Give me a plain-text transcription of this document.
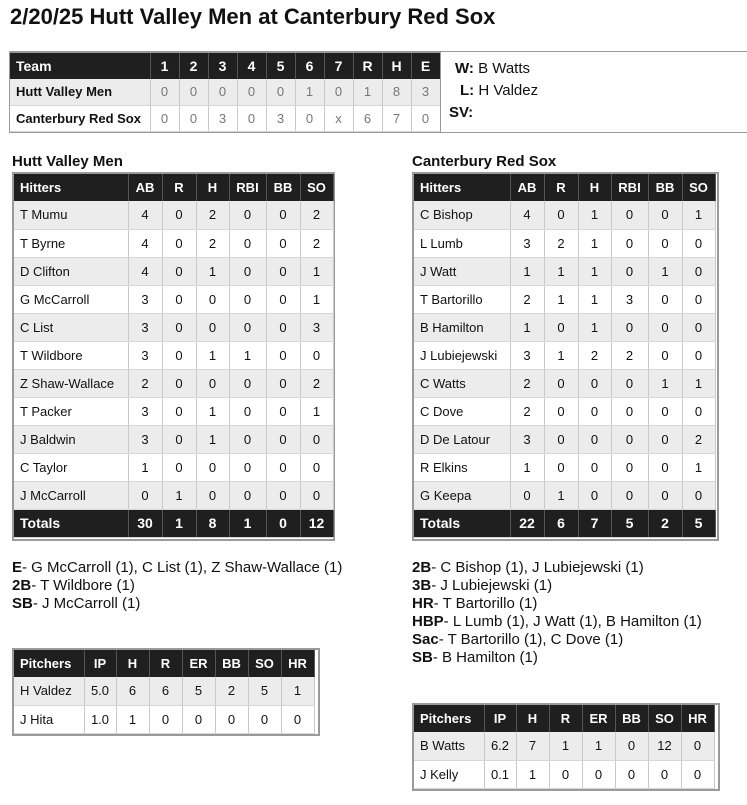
2/20/25 Hutt Valley Men at Canterbury Red Sox
Team	1	2	3	4	5	6	7	R	H	E
Hutt Valley Men	0	0	0	0	0	1	0	1	8	3
Canterbury Red Sox	0	0	3	0	3	0	x	6	7	0
W: B Watts
L: H Valdez
SV:
Hutt Valley Men
Hitters	AB	R	H	RBI	BB	SO
T Mumu	4	0	2	0	0	2
T Byrne	4	0	2	0	0	2
D Clifton	4	0	1	0	0	1
G McCarroll	3	0	0	0	0	1
C List	3	0	0	0	0	3
T Wildbore	3	0	1	1	0	0
Z Shaw-Wallace	2	0	0	0	0	2
T Packer	3	0	1	0	0	1
J Baldwin	3	0	1	0	0	0
C Taylor	1	0	0	0	0	0
J McCarroll	0	1	0	0	0	0
Totals	30	1	8	1	0	12
E- G McCarroll (1), C List (1), Z Shaw-Wallace (1)
2B- T Wildbore (1)
SB- J McCarroll (1)
Pitchers	IP	H	R	ER	BB	SO	HR
H Valdez	5.0	6	6	5	2	5	1
J Hita	1.0	1	0	0	0	0	0
Canterbury Red Sox
Hitters	AB	R	H	RBI	BB	SO
C Bishop	4	0	1	0	0	1
L Lumb	3	2	1	0	0	0
J Watt	1	1	1	0	1	0
T Bartorillo	2	1	1	3	0	0
B Hamilton	1	0	1	0	0	0
J Lubiejewski	3	1	2	2	0	0
C Watts	2	0	0	0	1	1
C Dove	2	0	0	0	0	0
D De Latour	3	0	0	0	0	2
R Elkins	1	0	0	0	0	1
G Keepa	0	1	0	0	0	0
Totals	22	6	7	5	2	5
2B- C Bishop (1), J Lubiejewski (1)
3B- J Lubiejewski (1)
HR- T Bartorillo (1)
HBP- L Lumb (1), J Watt (1), B Hamilton (1)
Sac- T Bartorillo (1), C Dove (1)
SB- B Hamilton (1)
Pitchers	IP	H	R	ER	BB	SO	HR
B Watts	6.2	7	1	1	0	12	0
J Kelly	0.1	1	0	0	0	0	0
